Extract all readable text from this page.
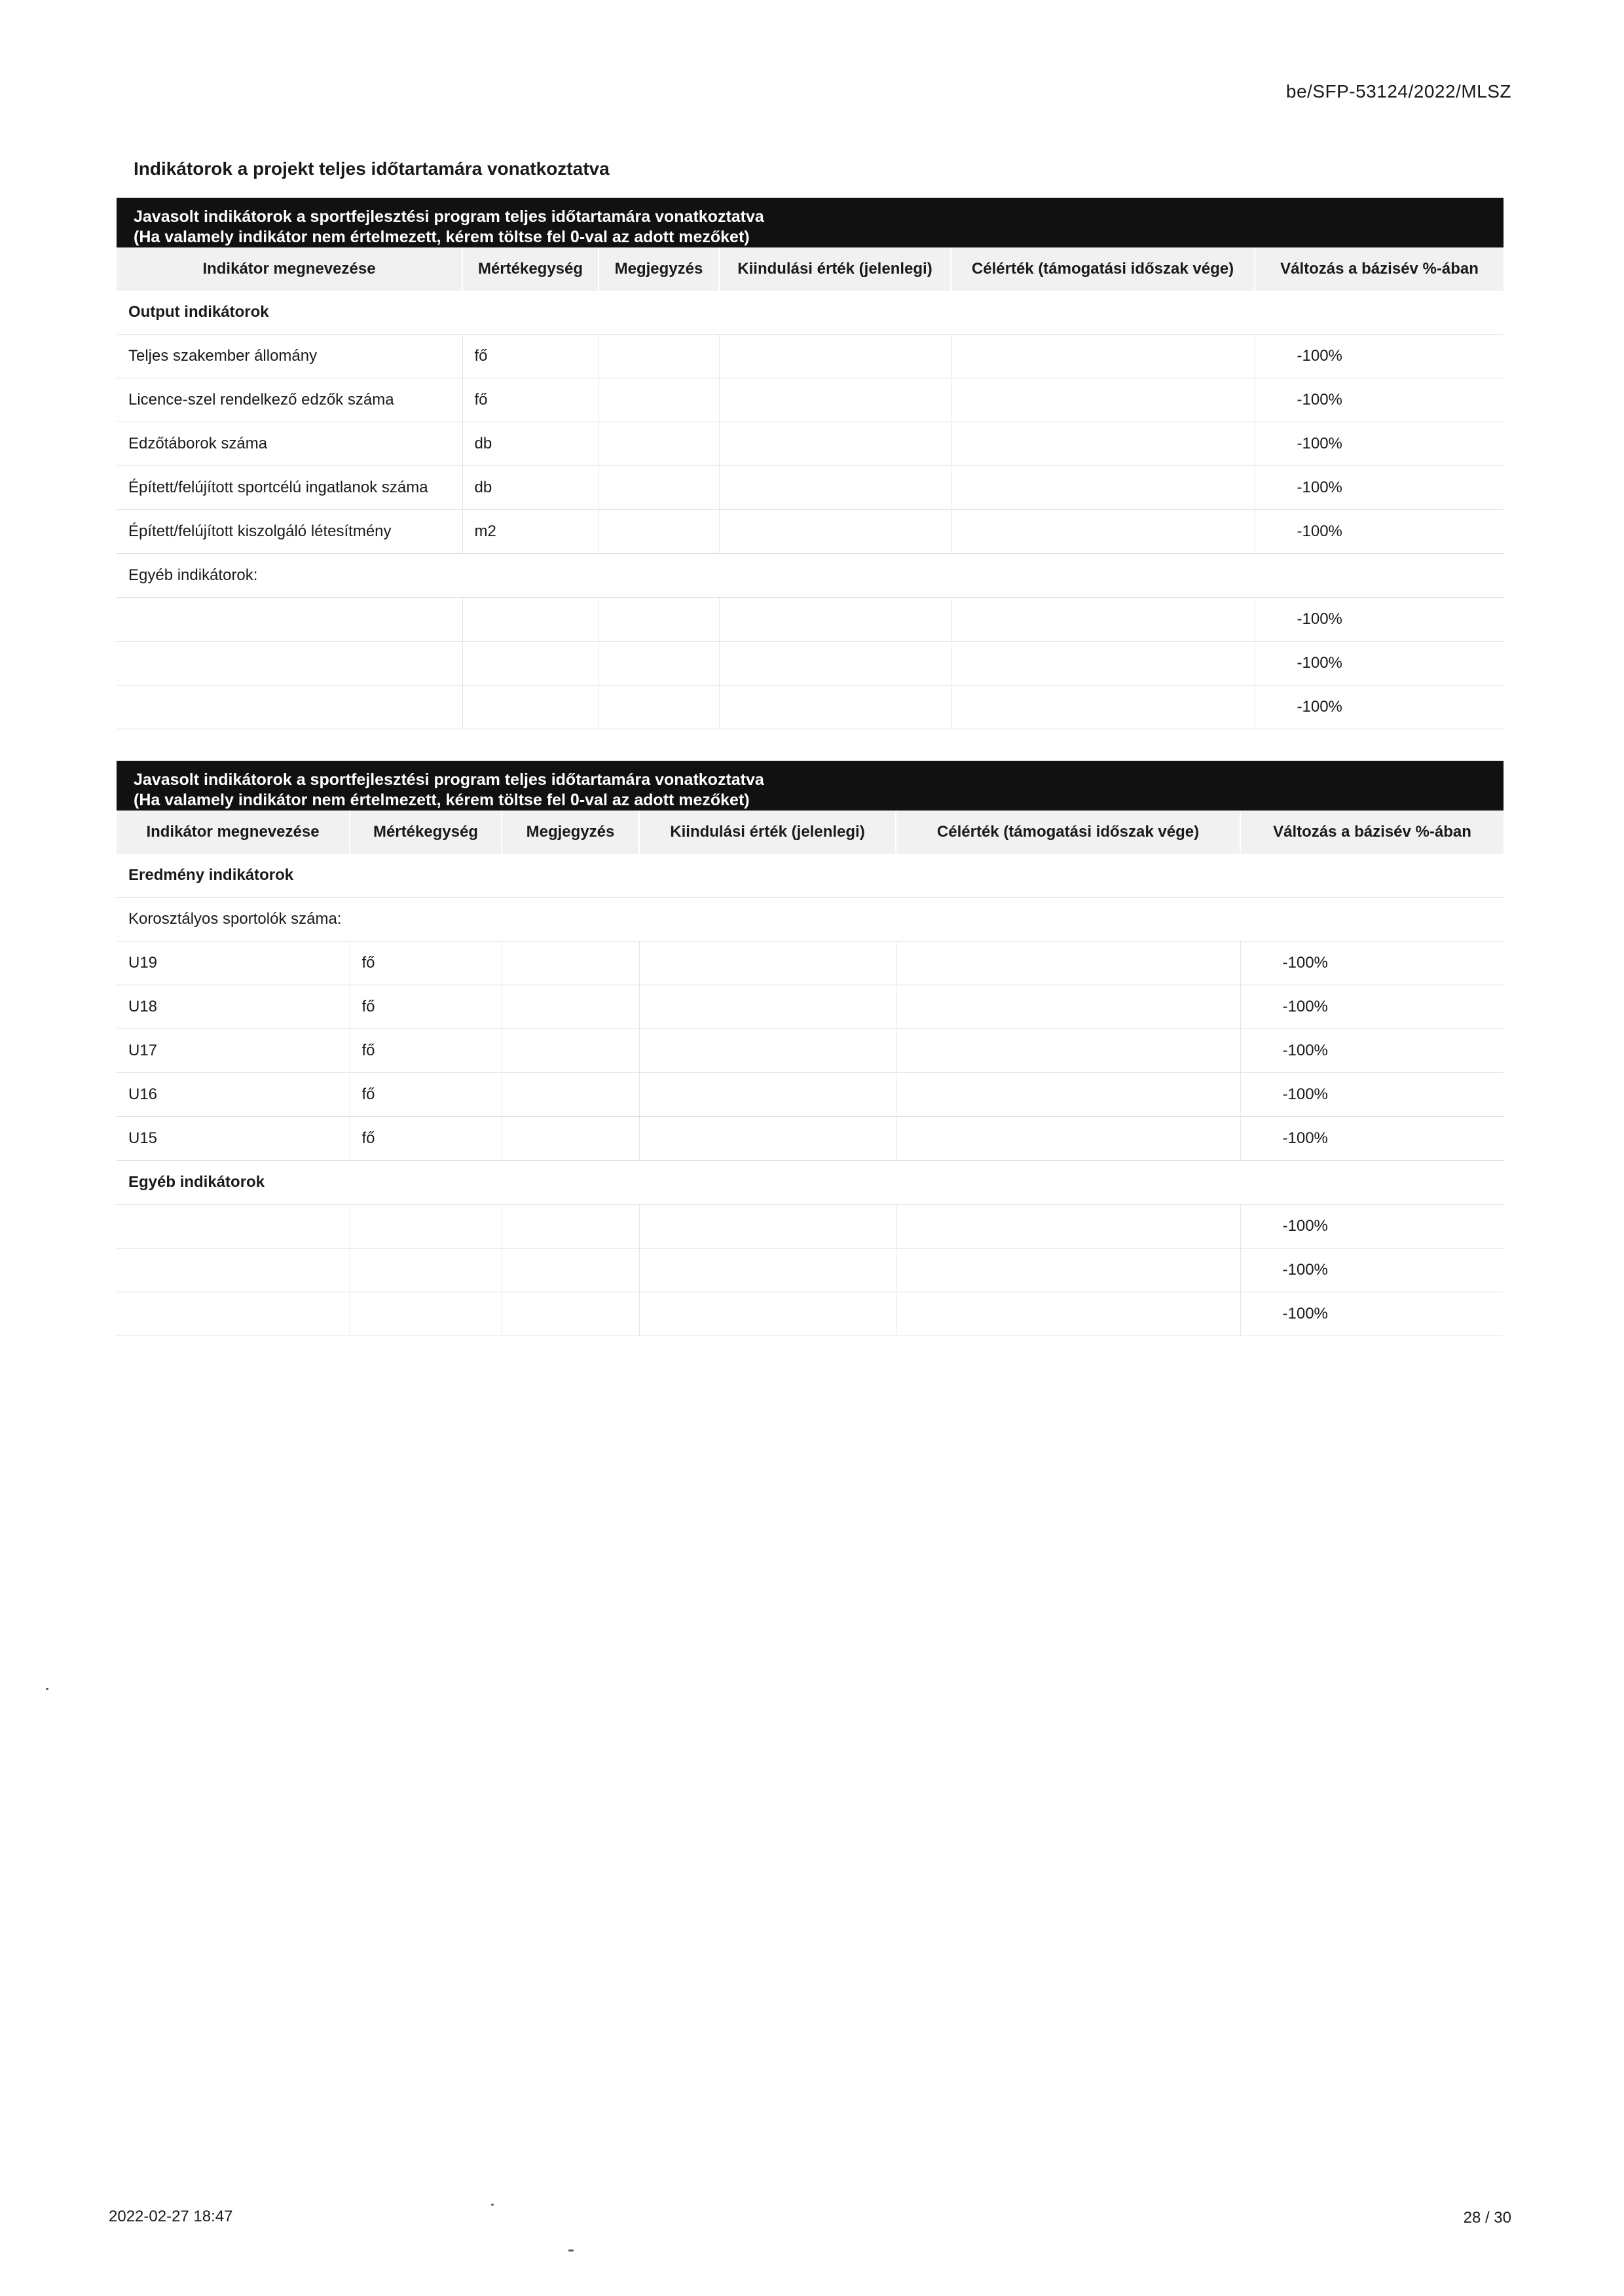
be/SFP-53124/2022/MLSZ
Indikátorok a projekt teljes időtartamára vonatkoztatva
Javasolt indikátorok a sportfejlesztési program teljes időtartamára vonatkoztatva
(Ha valamely indikátor nem értelmezett, kérem töltse fel 0-val az adott mezőket)
Indikátor megnevezése	Mértékegység	Megjegyzés	Kiindulási érték (jelenlegi)	Célérték (támogatási időszak vége)	Változás a bázisév %-ában
Output indikátorok					
Teljes szakember állomány	fő				-100%
Licence-szel rendelkező edzők száma	fő				-100%
Edzőtáborok száma	db				-100%
Épített/felújított sportcélú ingatlanok száma	db				-100%
Épített/felújított kiszolgáló létesítmény	m2				-100%
Egyéb indikátorok:					
					-100%
					-100%
					-100%
Javasolt indikátorok a sportfejlesztési program teljes időtartamára vonatkoztatva
(Ha valamely indikátor nem értelmezett, kérem töltse fel 0-val az adott mezőket)
Indikátor megnevezése	Mértékegység	Megjegyzés	Kiindulási érték (jelenlegi)	Célérték (támogatási időszak vége)	Változás a bázisév %-ában
Eredmény indikátorok					
Korosztályos sportolók száma:					
U19	fő				-100%
U18	fő				-100%
U17	fő				-100%
U16	fő				-100%
U15	fő				-100%
Egyéb indikátorok					
					-100%
					-100%
					-100%
2022-02-27 18:47	28 / 30
